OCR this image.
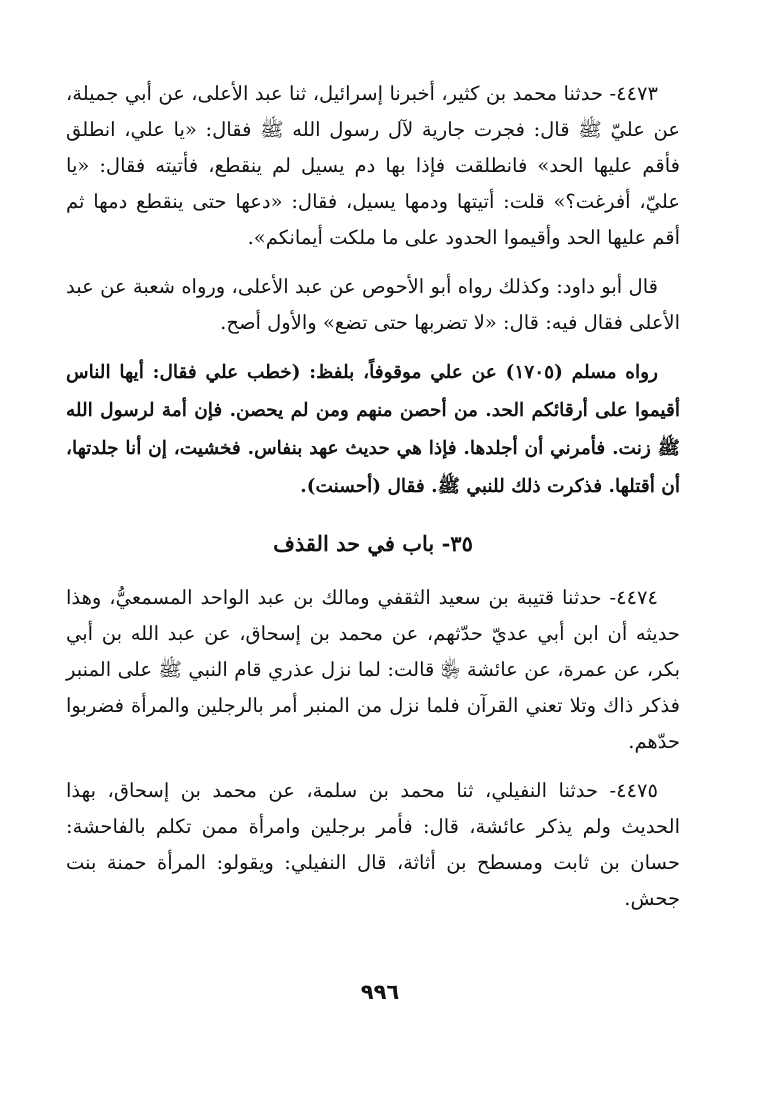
٤٤٧٣- حدثنا محمد بن كثير، أخبرنا إسرائيل، ثنا عبد الأعلى، عن أبي جميلة، عن عليّ ﷺ قال: فجرت جارية لآل رسول الله ﷺ فقال: «يا علي، انطلق فأقم عليها الحد» فانطلقت فإذا بها دم يسيل لم ينقطع، فأتيته فقال: «يا عليّ، أفرغت؟» قلت: أتيتها ودمها يسيل، فقال: «دعها حتى ينقطع دمها ثم أقم عليها الحد وأقيموا الحدود على ما ملكت أيمانكم».

قال أبو داود: وكذلك رواه أبو الأحوص عن عبد الأعلى، ورواه شعبة عن عبد الأعلى فقال فيه: قال: «لا تضربها حتى تضع» والأول أصح.

رواه مسلم (١٧٠٥) عن علي موقوفاً، بلفظ: (خطب علي فقال: أيها الناس أقيموا على أرقائكم الحد. من أحصن منهم ومن لم يحصن. فإن أمة لرسول الله ﷺ زنت. فأمرني أن أجلدها. فإذا هي حديث عهد بنفاس. فخشيت، إن أنا جلدتها، أن أقتلها. فذكرت ذلك للنبي ﷺ. فقال (أحسنت).

٣٥- باب في حد القذف

٤٤٧٤- حدثنا قتيبة بن سعيد الثقفي ومالك بن عبد الواحد المسمعيُّ، وهذا حديثه أن ابن أبي عديّ حدّثهم، عن محمد بن إسحاق، عن عبد الله بن أبي بكر، عن عمرة، عن عائشة ﵂ قالت: لما نزل عذري قام النبي ﷺ على المنبر فذكر ذاك وتلا تعني القرآن فلما نزل من المنبر أمر بالرجلين والمرأة فضربوا حدّهم.

٤٤٧٥- حدثنا النفيلي، ثنا محمد بن سلمة، عن محمد بن إسحاق، بهذا الحديث ولم يذكر عائشة، قال: فأمر برجلين وامرأة ممن تكلم بالفاحشة: حسان بن ثابت ومسطح بن أثاثة، قال النفيلي: ويقولو: المرأة حمنة بنت جحش.

٩٩٦
